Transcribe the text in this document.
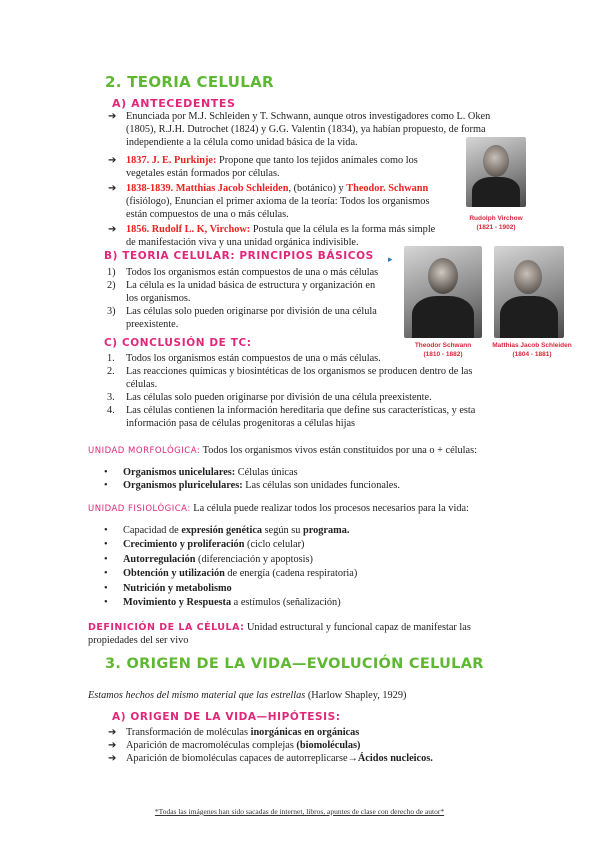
2. TEORIA CELULAR
A) ANTECEDENTES
➔ Enunciada por M.J. Schleiden y T. Schwann, aunque otros investigadores como L. Oken
(1805), R.J.H. Dutrochet (1824) y G.G. Valentin (1834), ya habían propuesto, de forma
independiente a la célula como unidad básica de la vida.
➔ 1837. J. E. Purkinje: Propone que tanto los tejidos animales como los
vegetales están formados por células.
➔ 1838-1839. Matthias Jacob Schleiden, (botánico) y Theodor. Schwann
(fisiólogo), Enuncian el primer axioma de la teoría: Todos los organismos
están compuestos de una o más células.
➔ 1856. Rudolf L. K, Virchow: Postula que la célula es la forma más simple
de manifestación viva y una unidad orgánica indivisible.
Rudolph Virchow
(1821 - 1902)
B) TEORIA CELULAR: PRINCIPIOS BÁSICOS ▸
1)	Todos los organismos están compuestos de una o más células
2)	La célula es la unidad básica de estructura y organización en
los organismos.
3)	Las células solo pueden originarse por división de una célula
preexistente.
Theodor Schwann
(1810 - 1882)
Matthias Jacob Schleiden
(1804 - 1881)
C) CONCLUSIÓN DE TC:
1.	Todos los organismos están compuestos de una o más células.
2.	Las reacciones químicas y biosintéticas de los organismos se producen dentro de las
células.
3.	Las células solo pueden originarse por división de una célula preexistente.
4.	Las células contienen la información hereditaria que define sus características, y esta
información pasa de células progenitoras a células hijas
UNIDAD MORFOLÓGICA: Todos los organismos vivos están constituidos por una o + células:
•	Organismos unicelulares: Células únicas
•	Organismos pluricelulares: Las células son unidades funcionales.
UNIDAD FISIOLÓGICA: La célula puede realizar todos los procesos necesarios para la vida:
•	Capacidad de expresión genética según su programa.
•	Crecimiento y proliferación (ciclo celular)
•	Autorregulación (diferenciación y apoptosis)
•	Obtención y utilización de energía (cadena respiratoria)
•	Nutrición y metabolismo
•	Movimiento y Respuesta a estímulos (señalización)
DEFINICIÓN DE LA CÉLULA: Unidad estructural y funcional capaz de manifestar las
propiedades del ser vivo
3. ORIGEN DE LA VIDA—EVOLUCIÓN CELULAR
Estamos hechos del mismo material que las estrellas (Harlow Shapley, 1929)
A) ORIGEN DE LA VIDA—HIPÓTESIS:
➔ Transformación de moléculas inorgánicas en orgánicas
➔ Aparición de macromoléculas complejas (biomoléculas)
➔ Aparición de biomoléculas capaces de autorreplicarse→Ácidos nucleicos.
*Todas las imágenes han sido sacadas de internet, libros, apuntes de clase con derecho de autor*
